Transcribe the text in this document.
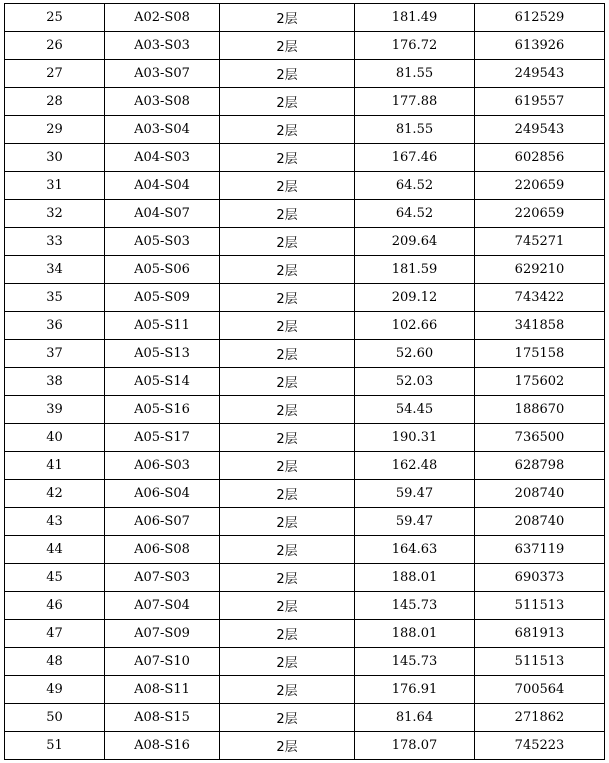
25	A02-S08	2层	181.49	612529
26	A03-S03	2层	176.72	613926
27	A03-S07	2层	81.55	249543
28	A03-S08	2层	177.88	619557
29	A03-S04	2层	81.55	249543
30	A04-S03	2层	167.46	602856
31	A04-S04	2层	64.52	220659
32	A04-S07	2层	64.52	220659
33	A05-S03	2层	209.64	745271
34	A05-S06	2层	181.59	629210
35	A05-S09	2层	209.12	743422
36	A05-S11	2层	102.66	341858
37	A05-S13	2层	52.60	175158
38	A05-S14	2层	52.03	175602
39	A05-S16	2层	54.45	188670
40	A05-S17	2层	190.31	736500
41	A06-S03	2层	162.48	628798
42	A06-S04	2层	59.47	208740
43	A06-S07	2层	59.47	208740
44	A06-S08	2层	164.63	637119
45	A07-S03	2层	188.01	690373
46	A07-S04	2层	145.73	511513
47	A07-S09	2层	188.01	681913
48	A07-S10	2层	145.73	511513
49	A08-S11	2层	176.91	700564
50	A08-S15	2层	81.64	271862
51	A08-S16	2层	178.07	745223
